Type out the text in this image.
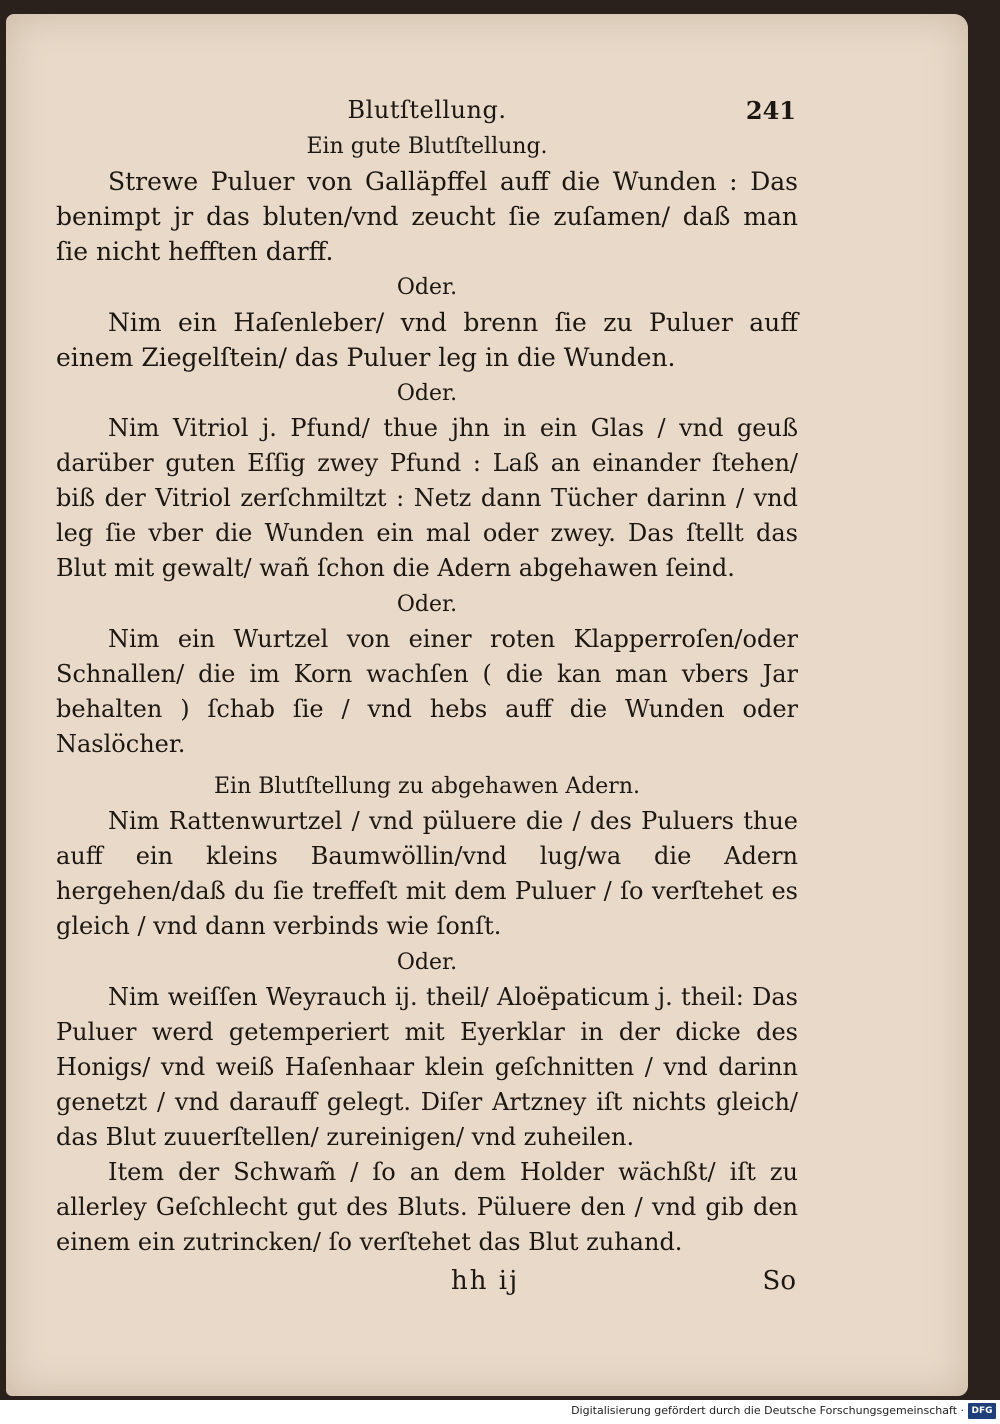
Blutſtellung.	241

Ein gute Blutſtellung.

Strewe Puluer von Galläpffel auff die Wunden : Das benimpt jr das bluten/vnd zeucht ſie zuſamen/ daß man ſie nicht hefften darff.

Oder.

Nim ein Haſenleber/ vnd brenn ſie zu Puluer auff einem Ziegelſtein/ das Puluer leg in die Wunden.

Oder.

Nim Vitriol j. Pfund/ thue jhn in ein Glas / vnd geuß darüber guten Eſſig zwey Pfund : Laß an einander ſtehen/ biß der Vitriol zerſchmiltzt : Netz dann Tücher darinn / vnd leg ſie vber die Wunden ein mal oder zwey. Das ſtellt das Blut mit gewalt/ wañ ſchon die Adern abgehawen ſeind.

Oder.

Nim ein Wurtzel von einer roten Klapperroſen/oder Schnallen/ die im Korn wachſen ( die kan man vbers Jar behalten ) ſchab ſie / vnd hebs auff die Wunden oder Naslöcher.

Ein Blutſtellung zu abgehawen Adern.

Nim Rattenwurtzel / vnd püluere die / des Puluers thue auff ein kleins Baumwöllin/vnd lug/wa die Adern hergehen/daß du ſie treffeſt mit dem Puluer / ſo verſtehet es gleich / vnd dann verbinds wie ſonſt.

Oder.

Nim weiſſen Weyrauch ij. theil/ Aloëpaticum j. theil: Das Puluer werd getemperiert mit Eyerklar in der dicke des Honigs/ vnd weiß Haſenhaar klein geſchnitten / vnd darinn genetzt / vnd darauff gelegt. Diſer Artzney iſt nichts gleich/ das Blut zuuerſtellen/ zureinigen/ vnd zuheilen.

Item der Schwam̃ / ſo an dem Holder wächßt/ iſt zu allerley Geſchlecht gut des Bluts. Püluere den / vnd gib den einem ein zutrincken/ ſo verſtehet das Blut zuhand.

hh ij	So
Digitalisierung gefördert durch die Deutsche Forschungsgemeinschaft · DFG
